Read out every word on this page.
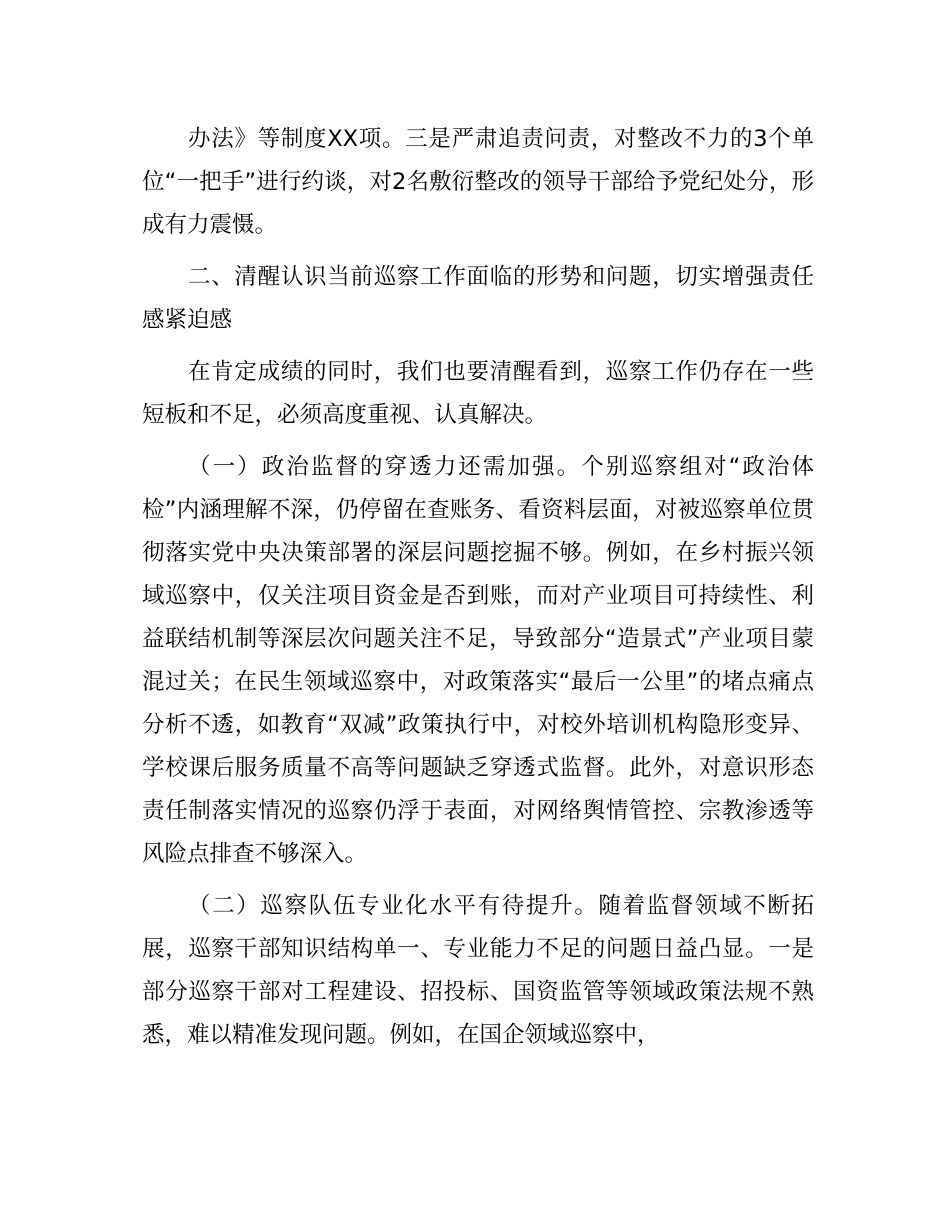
办法》等制度XX项。三是严肃追责问责，对整改不力的3个单位“一把手”进行约谈，对2名敷衍整改的领导干部给予党纪处分，形成有力震慑。

二、清醒认识当前巡察工作面临的形势和问题，切实增强责任感紧迫感

在肯定成绩的同时，我们也要清醒看到，巡察工作仍存在一些短板和不足，必须高度重视、认真解决。

（一）政治监督的穿透力还需加强。个别巡察组对“政治体检”内涵理解不深，仍停留在查账务、看资料层面，对被巡察单位贯彻落实党中央决策部署的深层问题挖掘不够。例如，在乡村振兴领域巡察中，仅关注项目资金是否到账，而对产业项目可持续性、利益联结机制等深层次问题关注不足，导致部分“造景式”产业项目蒙混过关；在民生领域巡察中，对政策落实“最后一公里”的堵点痛点分析不透，如教育“双减”政策执行中，对校外培训机构隐形变异、学校课后服务质量不高等问题缺乏穿透式监督。此外，对意识形态责任制落实情况的巡察仍浮于表面，对网络舆情管控、宗教渗透等风险点排查不够深入。

（二）巡察队伍专业化水平有待提升。随着监督领域不断拓展，巡察干部知识结构单一、专业能力不足的问题日益凸显。一是部分巡察干部对工程建设、招投标、国资监管等领域政策法规不熟悉，难以精准发现问题。例如，在国企领域巡察中，
